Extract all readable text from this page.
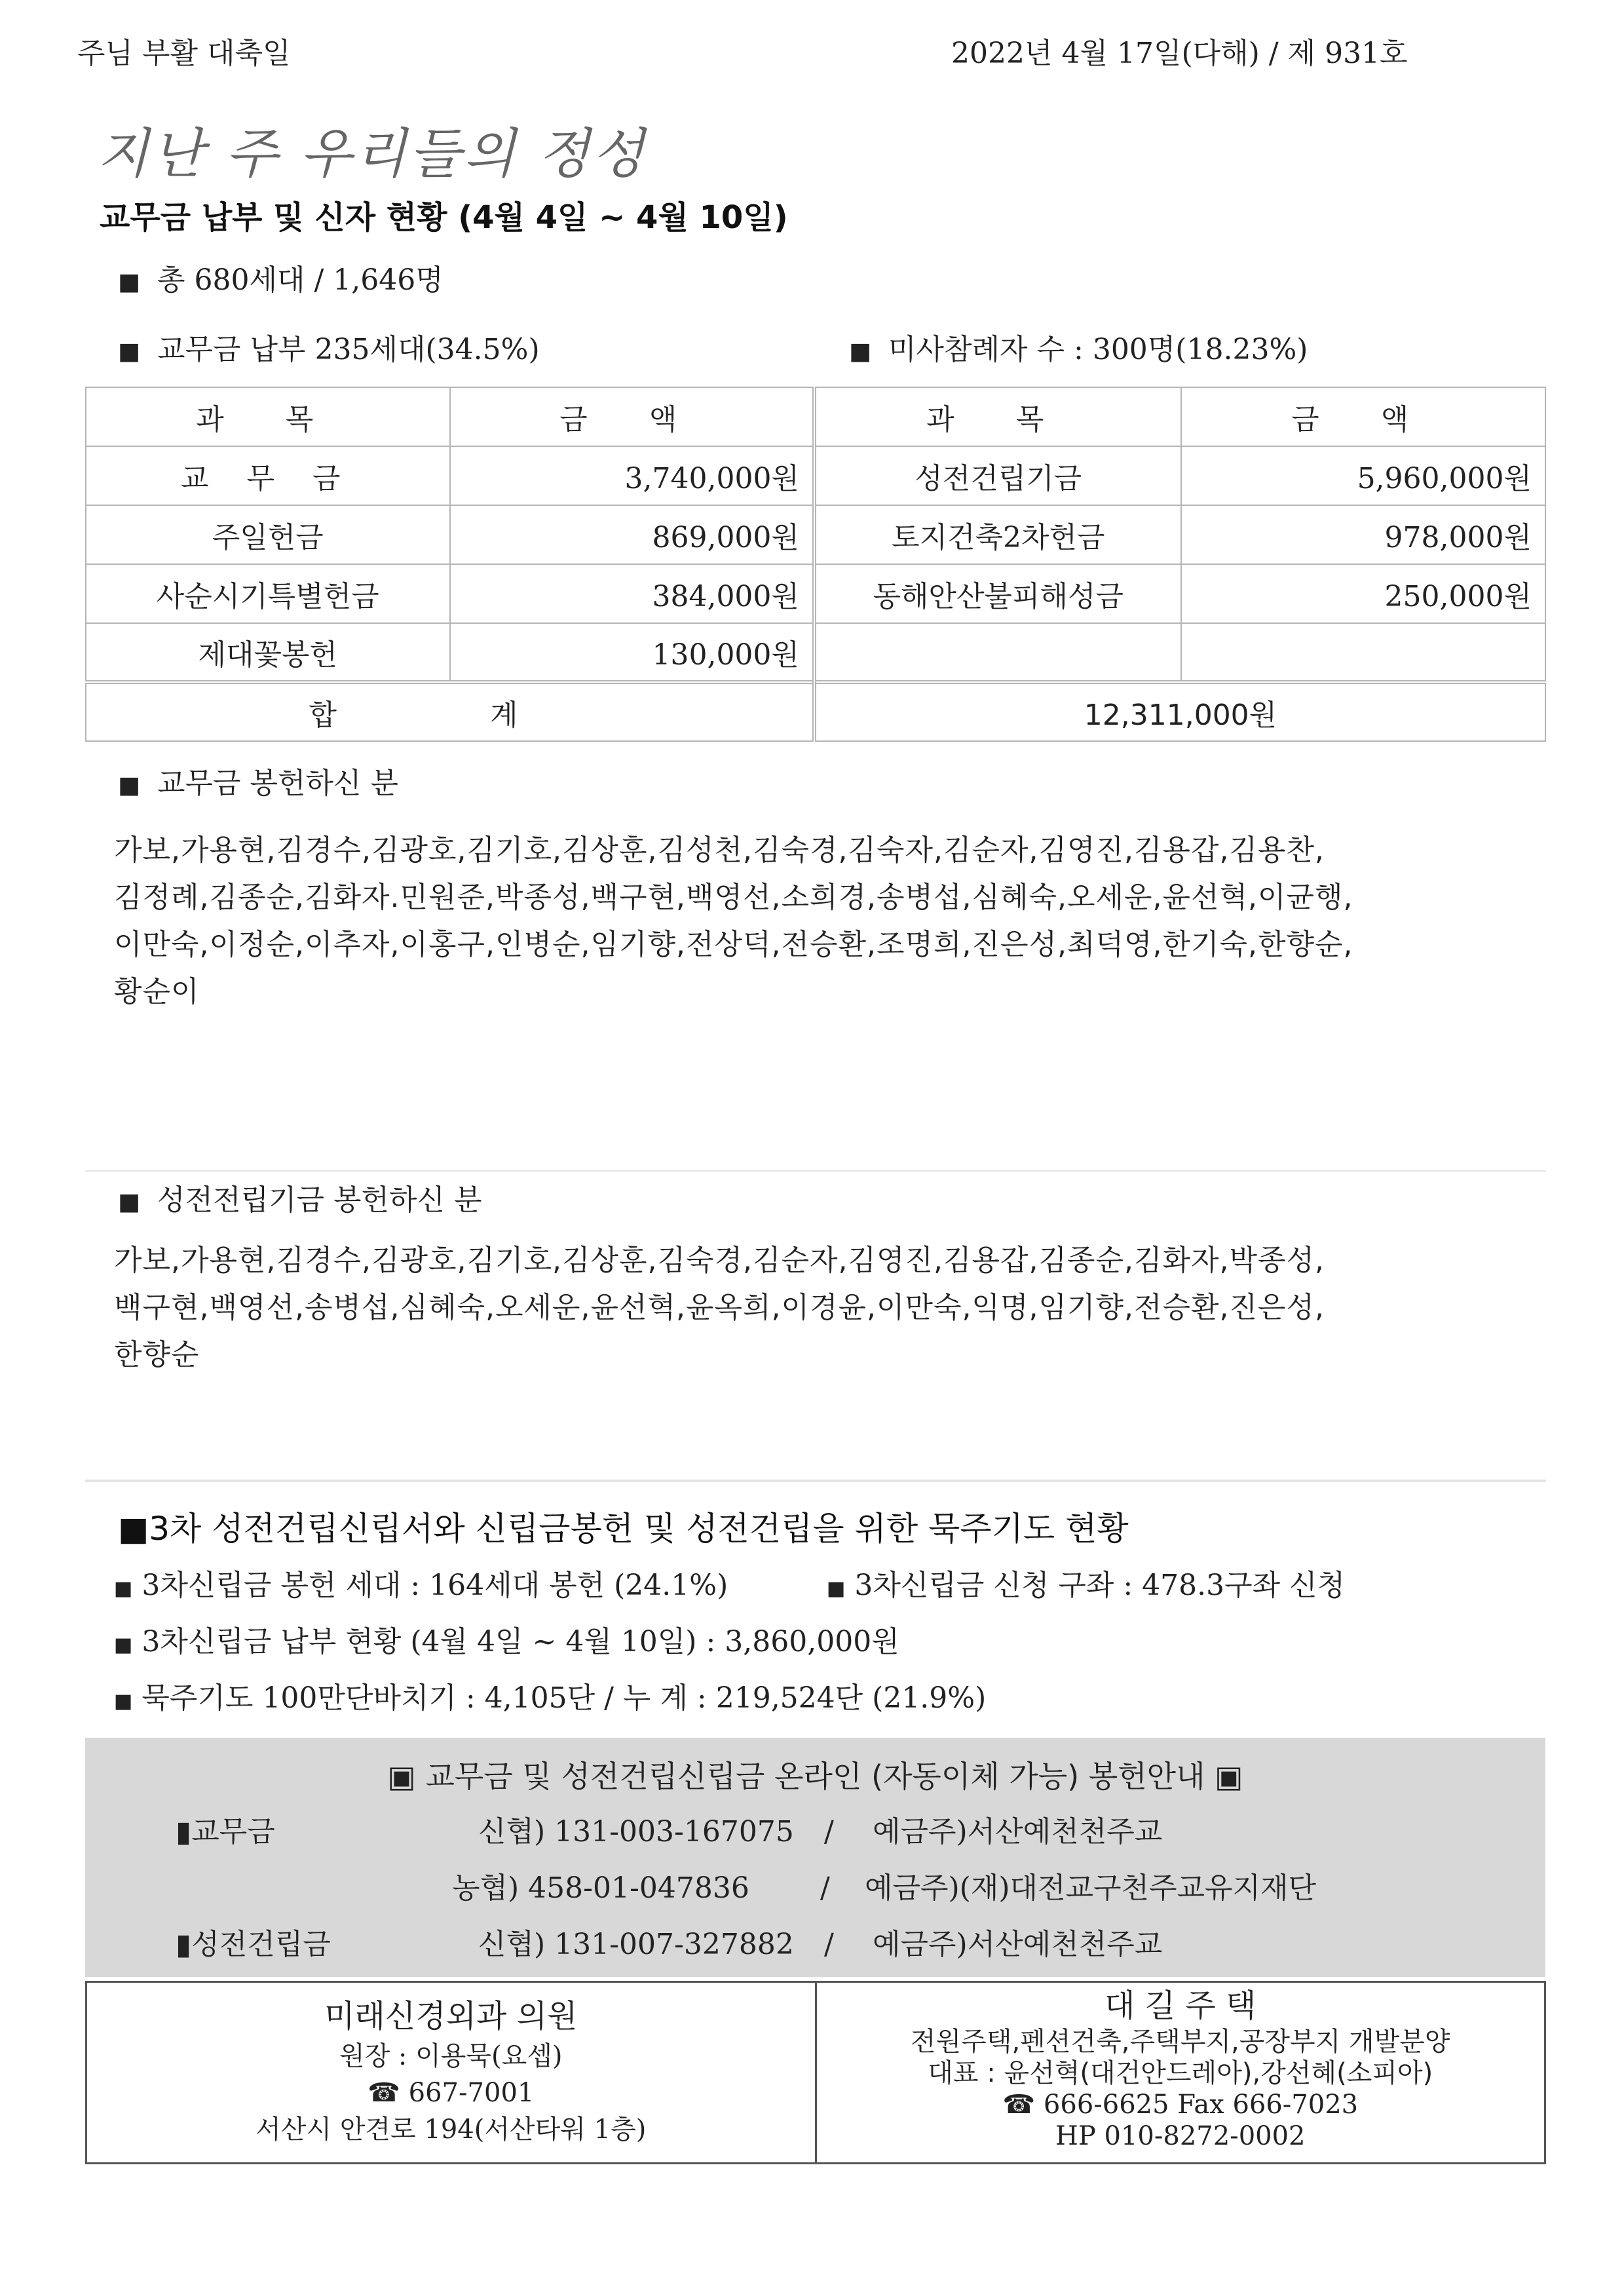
주님 부활 대축일	2022년 4월 17일(다해) / 제 931호
지난 주 우리들의 정성
교무금 납부 및 신자 현황 (4월 4일 ~ 4월 10일)
■ 총 680세대 / 1,646명
■ 교무금 납부 235세대(34.5%)	■ 미사참례자 수 : 300명(18.23%)
과 목	금 액	과 목	금 액
교 무 금	3,740,000원	성전건립기금	5,960,000원
주일헌금	869,000원	토지건축2차헌금	978,000원
사순시기특별헌금	384,000원	동해안산불피해성금	250,000원
제대꽃봉헌	130,000원		
합 계		12,311,000원	
■ 교무금 봉헌하신 분
가보,가용현,김경수,김광호,김기호,김상훈,김성천,김숙경,김숙자,김순자,김영진,김용갑,김용찬,
김정례,김종순,김화자.민원준,박종성,백구현,백영선,소희경,송병섭,심혜숙,오세운,윤선혁,이균행,
이만숙,이정순,이추자,이홍구,인병순,임기향,전상덕,전승환,조명희,진은성,최덕영,한기숙,한향순,
황순이
■ 성전전립기금 봉헌하신 분
가보,가용현,김경수,김광호,김기호,김상훈,김숙경,김순자,김영진,김용갑,김종순,김화자,박종성,
백구현,백영선,송병섭,심혜숙,오세운,윤선혁,윤옥희,이경윤,이만숙,익명,임기향,전승환,진은성,
한향순
■3차 성전건립신립서와 신립금봉헌 및 성전건립을 위한 묵주기도 현황
■ 3차신립금 봉헌 세대 : 164세대 봉헌 (24.1%)	■ 3차신립금 신청 구좌 : 478.3구좌 신청
■ 3차신립금 납부 현황 (4월 4일 ~ 4월 10일) : 3,860,000원
■ 묵주기도 100만단바치기 : 4,105단 / 누 계 : 219,524단 (21.9%)
▣ 교무금 및 성전건립신립금 온라인 (자동이체 가능) 봉헌안내 ▣
▮교무금	신협) 131-003-167075 / 예금주)서산예천천주교
농협) 458-01-047836 / 예금주)(재)대전교구천주교유지재단
▮성전건립금	신협) 131-007-327882 / 예금주)서산예천천주교
미래신경외과 의원
원장 : 이용묵(요셉)
☎ 667-7001
서산시 안견로 194(서산타워 1층)
대 길 주 택
전원주택,펜션건축,주택부지,공장부지 개발분양
대표 : 윤선혁(대건안드레아),강선혜(소피아)
☎ 666-6625 Fax 666-7023
HP 010-8272-0002
